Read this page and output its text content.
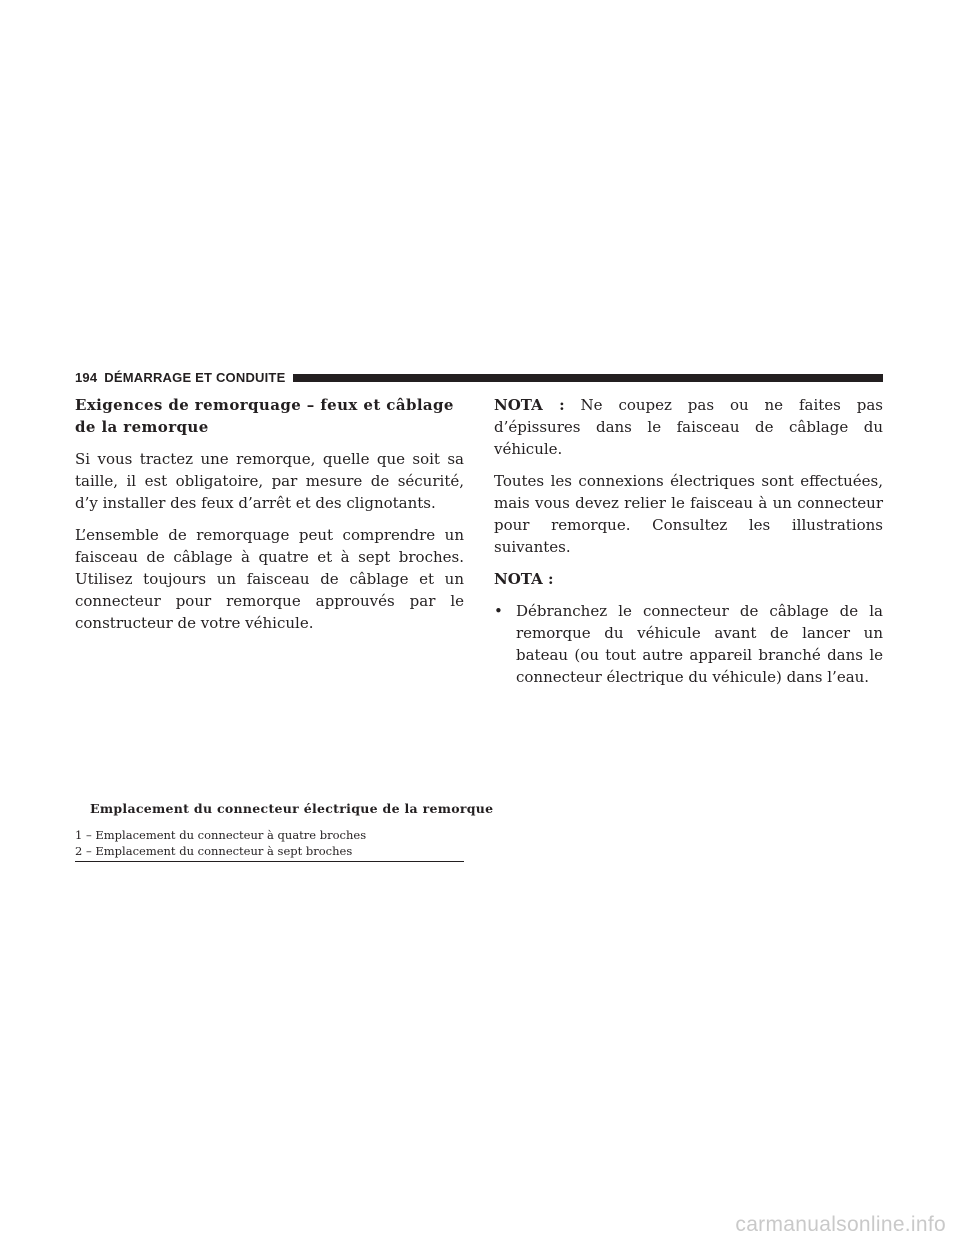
194 DÉMARRAGE ET CONDUITE
Exigences de remorquage – feux et câblage de la remorque

Si vous tractez une remorque, quelle que soit sa taille, il est obligatoire, par mesure de sécurité, d’y installer des feux d’arrêt et des clignotants.

L’ensemble de remorquage peut comprendre un faisceau de câblage à quatre et à sept broches. Utilisez toujours un faisceau de câblage et un connecteur pour remorque approuvés par le constructeur de votre véhicule.

Emplacement du connecteur électrique de la remorque
1 – Emplacement du connecteur à quatre broches
2 – Emplacement du connecteur à sept broches

NOTA : Ne coupez pas ou ne faites pas d’épissures dans le faisceau de câblage du véhicule.

Toutes les connexions électriques sont effectuées, mais vous devez relier le faisceau à un connecteur pour remorque. Consultez les illustrations suivantes.

NOTA :

• Débranchez le connecteur de câblage de la remorque du véhicule avant de lancer un bateau (ou tout autre appareil branché dans le connecteur électrique du véhicule) dans l’eau.
carmanualsonline.info
